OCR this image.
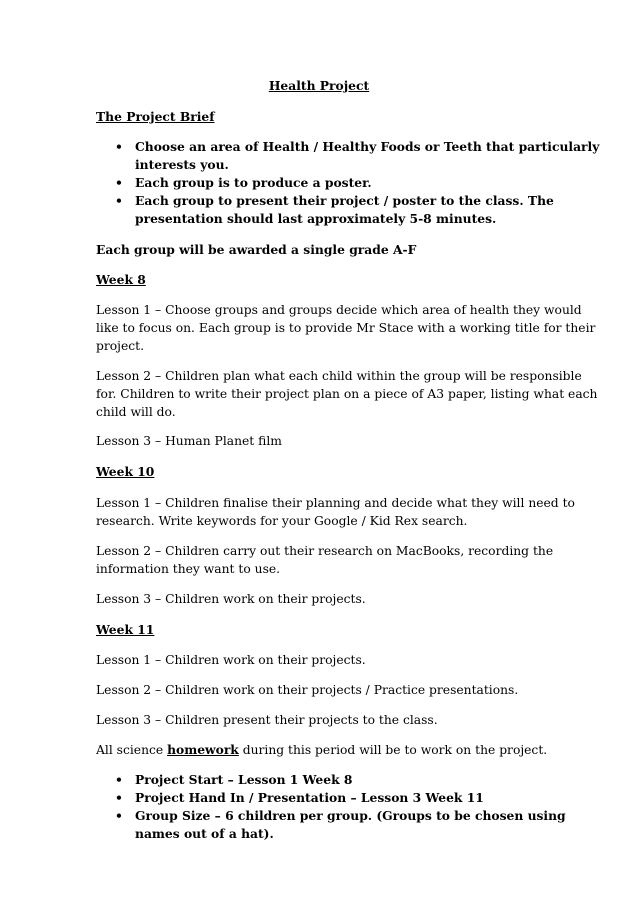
Health Project
The Project Brief
• Choose an area of Health / Healthy Foods or Teeth that particularly
interests you.
• Each group is to produce a poster.
• Each group to present their project / poster to the class. The
presentation should last approximately 5-8 minutes.
Each group will be awarded a single grade A-F
Week 8
Lesson 1 – Choose groups and groups decide which area of health they would
like to focus on. Each group is to provide Mr Stace with a working title for their
project.
Lesson 2 – Children plan what each child within the group will be responsible
for. Children to write their project plan on a piece of A3 paper, listing what each
child will do.
Lesson 3 – Human Planet film
Week 10
Lesson 1 – Children finalise their planning and decide what they will need to
research. Write keywords for your Google / Kid Rex search.
Lesson 2 – Children carry out their research on MacBooks, recording the
information they want to use.
Lesson 3 – Children work on their projects.
Week 11
Lesson 1 – Children work on their projects.
Lesson 2 – Children work on their projects / Practice presentations.
Lesson 3 – Children present their projects to the class.
All science homework during this period will be to work on the project.
• Project Start – Lesson 1 Week 8
• Project Hand In / Presentation – Lesson 3 Week 11
• Group Size – 6 children per group. (Groups to be chosen using
names out of a hat).
